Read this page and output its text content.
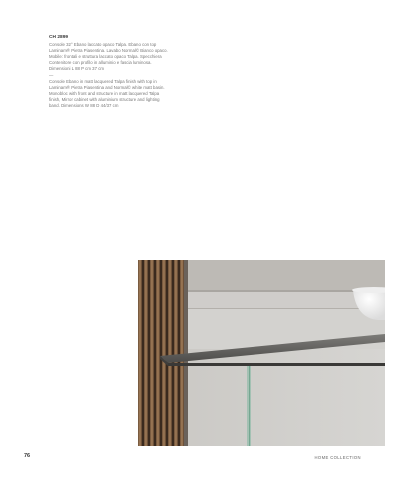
CH 2899
Console 32° Ebano laccato opaco Talpa. Ebano con top
Laminam® Pietra Piasentina. Lavabo Normal© Bianco opaco.
Mobile: frontali e struttura laccato opaco Talpa. Specchiera
Contenitore con profilo in alluminio e fascia luminosa.
Dimensioni L 88 P cm 37 cm
—
Console Ebano in matt lacquered Talpa finish with top in
Laminam® Pietra Piasentina and Normal© white matt basin.
Monobloc with front and structure in matt lacquered Talpa
finish, Mirror cabinet with aluminium structure and lighting
band. Dimensions W 88 D 44/37 cm
76	HOME COLLECTION
